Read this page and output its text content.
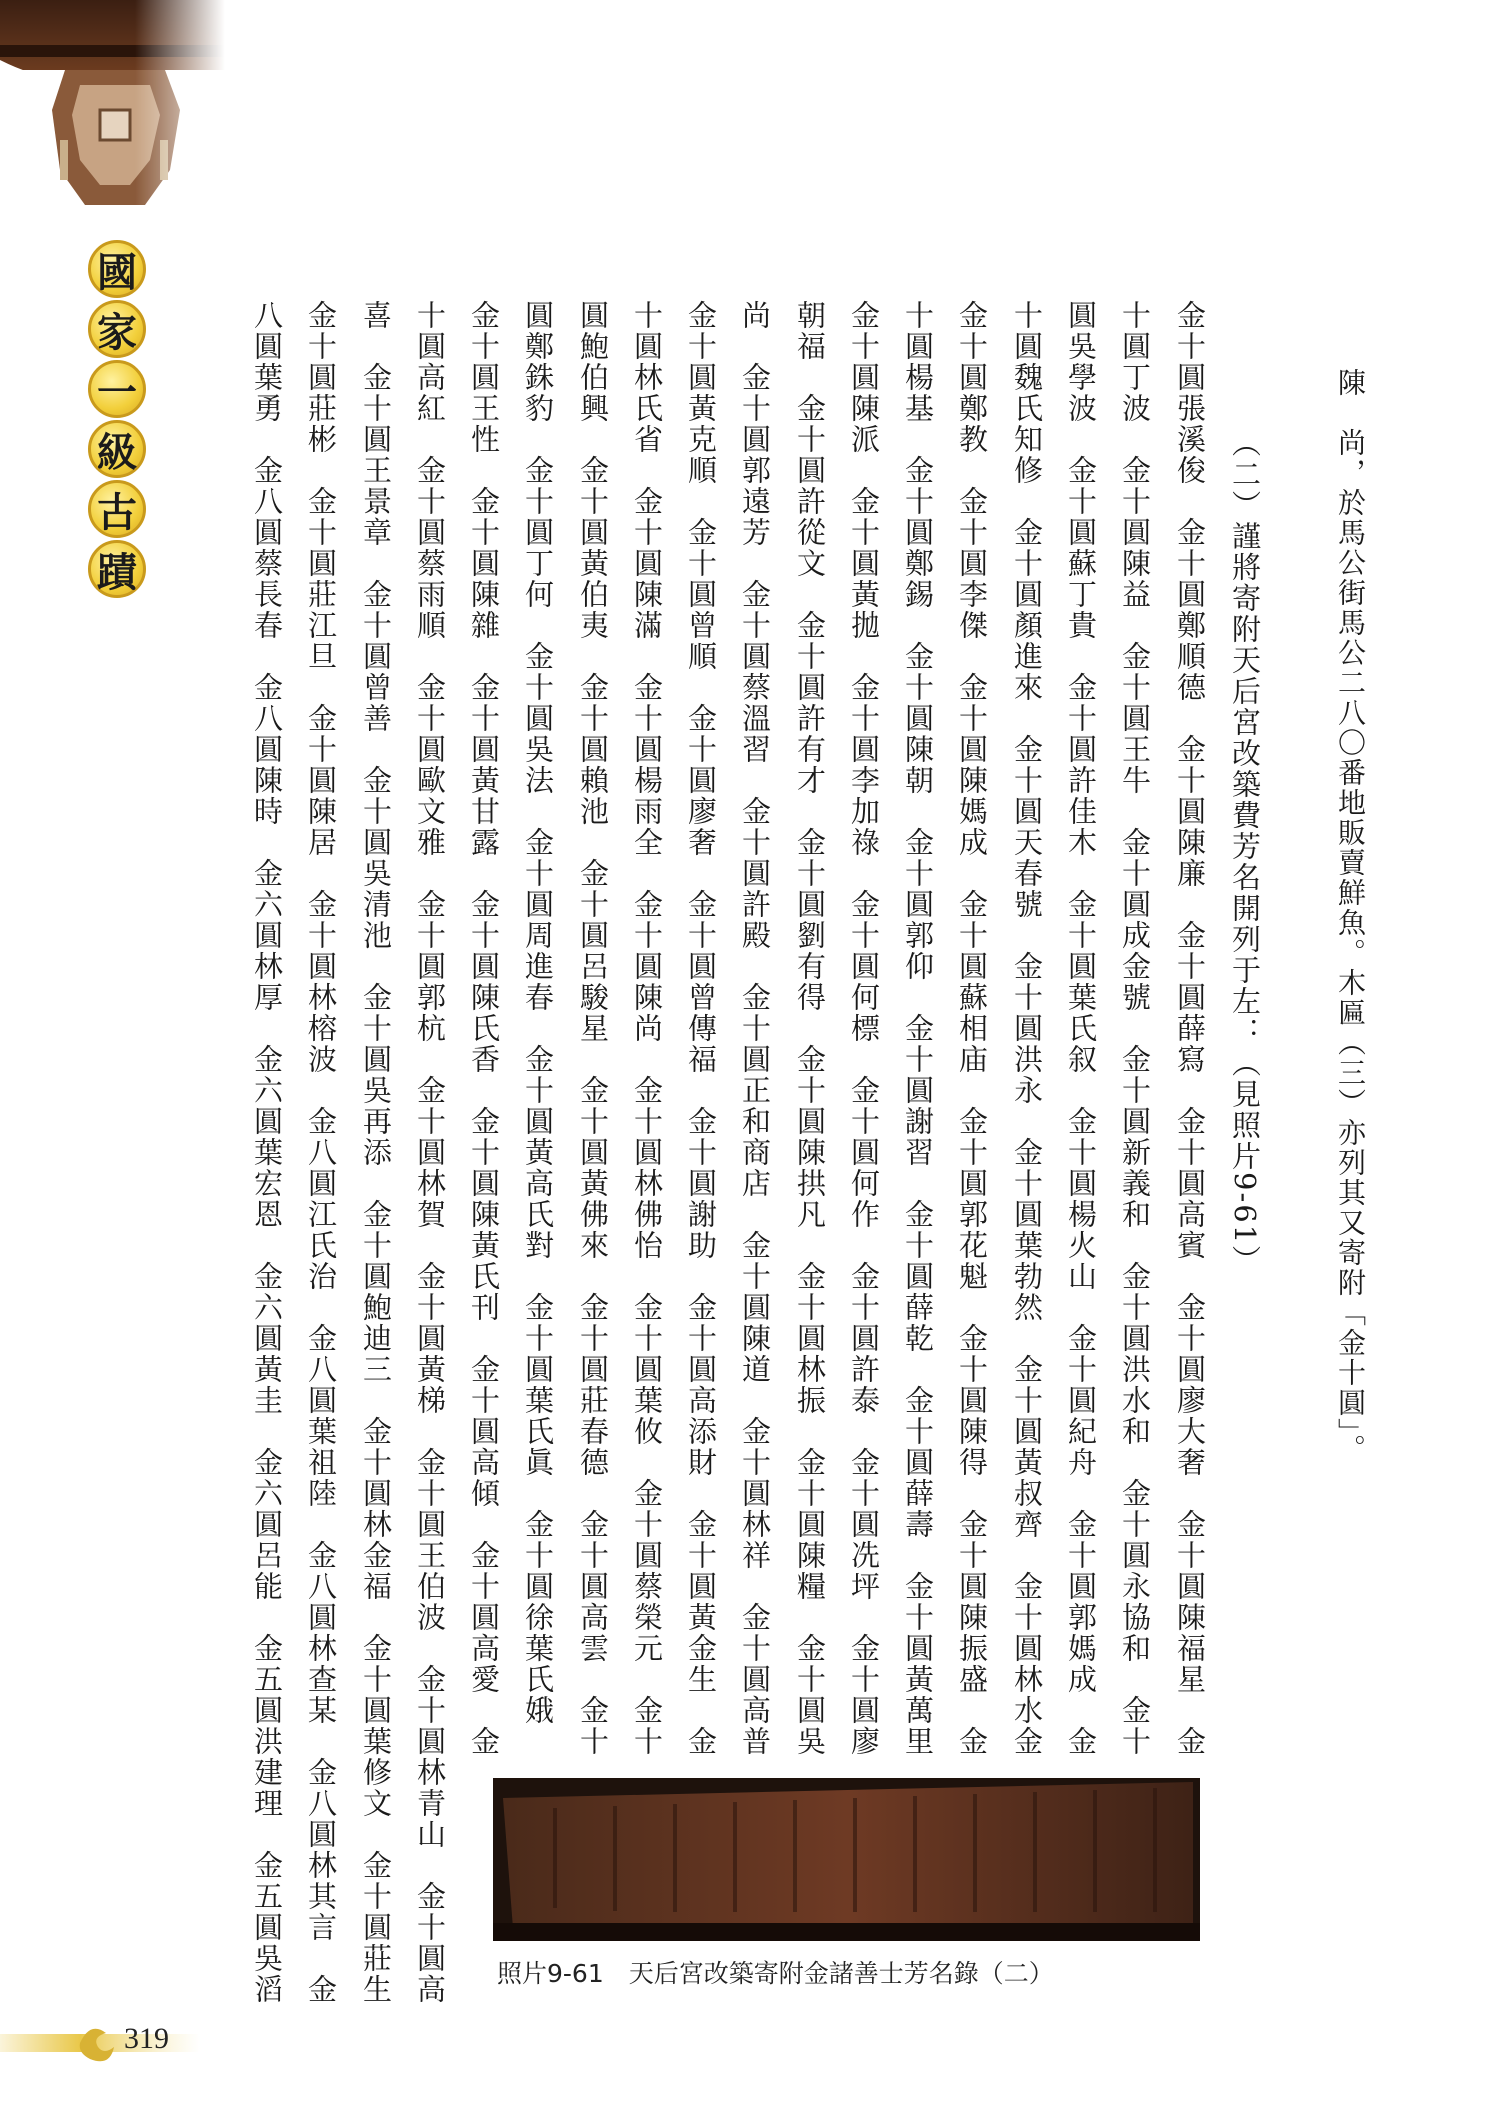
國
家
一
級
古
蹟	陳　尚，於馬公街馬公二八〇番地販賣鮮魚。木匾（三）亦列其又寄附「金十圓」。
（二）謹將寄附天后宮改築費芳名開列于左：（見照片9-61）
金十圓張溪俊　金十圓鄭順德　金十圓陳廉　金十圓薛寫　金十圓高賓　金十圓廖大奢　金十圓陳福星　金
十圓丁波　金十圓陳益　金十圓王牛　金十圓成金號　金十圓新義和　金十圓洪水和　金十圓永協和　金十
圓吳學波　金十圓蘇丁貴　金十圓許佳木　金十圓葉氏叙　金十圓楊火山　金十圓紀舟　金十圓郭媽成　金
十圓魏氏知修　金十圓顏進來　金十圓天春號　金十圓洪永　金十圓葉勃然　金十圓黃叔齊　金十圓林水金
金十圓鄭教　金十圓李傑　金十圓陳媽成　金十圓蘇相庙　金十圓郭花魁　金十圓陳得　金十圓陳振盛　金
十圓楊基　金十圓鄭錫　金十圓陳朝　金十圓郭仰　金十圓謝習　金十圓薛乾　金十圓薛壽　金十圓黃萬里
金十圓陳派　金十圓黃拋　金十圓李加祿　金十圓何標　金十圓何作　金十圓許泰　金十圓冼坪　金十圓廖
朝福　金十圓許從文　金十圓許有才　金十圓劉有得　金十圓陳拱凡　金十圓林振　金十圓陳糧　金十圓吳
尚　金十圓郭遠芳　金十圓蔡溫習　金十圓許殿　金十圓正和商店　金十圓陳道　金十圓林祥　金十圓高普
金十圓黃克順　金十圓曾順　金十圓廖奢　金十圓曾傳福　金十圓謝助　金十圓高添財　金十圓黃金生　金
十圓林氏省　金十圓陳滿　金十圓楊雨全　金十圓陳尚　金十圓林佛怡　金十圓葉攸　金十圓蔡榮元　金十
圓鮑伯興　金十圓黃伯夷　金十圓賴池　金十圓呂駿星　金十圓黃佛來　金十圓莊春德　金十圓高雲　金十
圓鄭銖豹　金十圓丁何　金十圓吳法　金十圓周進春　金十圓黃高氏對　金十圓葉氏眞　金十圓徐葉氏娥
金十圓王性　金十圓陳雜　金十圓黃甘露　金十圓陳氏香　金十圓陳黃氏刊　金十圓高傾　金十圓高愛　金
十圓高紅　金十圓蔡雨順　金十圓歐文雅　金十圓郭杭　金十圓林賀　金十圓黃梯　金十圓王伯波　金十圓林青山　金十圓高
喜　金十圓王景章　金十圓曾善　金十圓吳清池　金十圓吳再添　金十圓鮑迪三　金十圓林金福　金十圓葉修文　金十圓莊生
金十圓莊彬　金十圓莊江旦　金十圓陳居　金十圓林榕波　金八圓江氏治　金八圓葉祖陸　金八圓林查某　金八圓林其言　金
八圓葉勇　金八圓蔡長春　金八圓陳時　金六圓林厚　金六圓葉宏恩　金六圓黃圭　金六圓呂能　金五圓洪建理　金五圓吳滔	照片9-61　天后宮改築寄附金諸善士芳名錄（二）
319
